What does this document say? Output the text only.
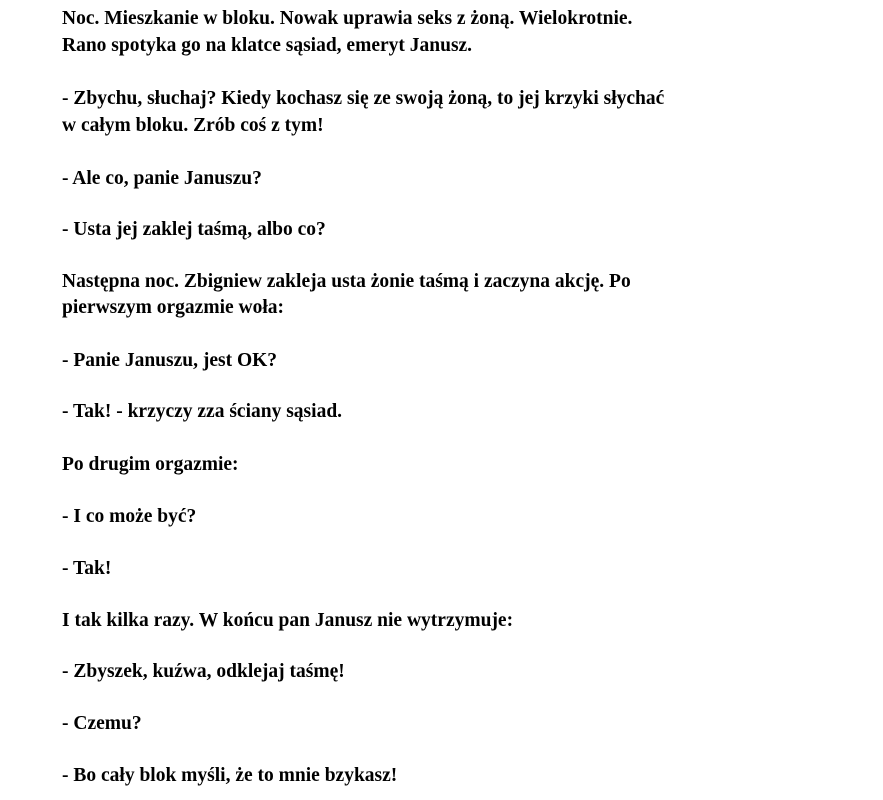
Noc. Mieszkanie w bloku. Nowak uprawia seks z żoną. Wielokrotnie.
Rano spotyka go na klatce sąsiad, emeryt Janusz.
- Zbychu, słuchaj? Kiedy kochasz się ze swoją żoną, to jej krzyki słychać
w całym bloku. Zrób coś z tym!
- Ale co, panie Januszu?
- Usta jej zaklej taśmą, albo co?
Następna noc. Zbigniew zakleja usta żonie taśmą i zaczyna akcję. Po
pierwszym orgazmie woła:
- Panie Januszu, jest OK?
- Tak! - krzyczy zza ściany sąsiad.
Po drugim orgazmie:
- I co może być?
- Tak!
I tak kilka razy. W końcu pan Janusz nie wytrzymuje:
- Zbyszek, kuźwa, odklejaj taśmę!
- Czemu?
- Bo cały blok myśli, że to mnie bzykasz!
